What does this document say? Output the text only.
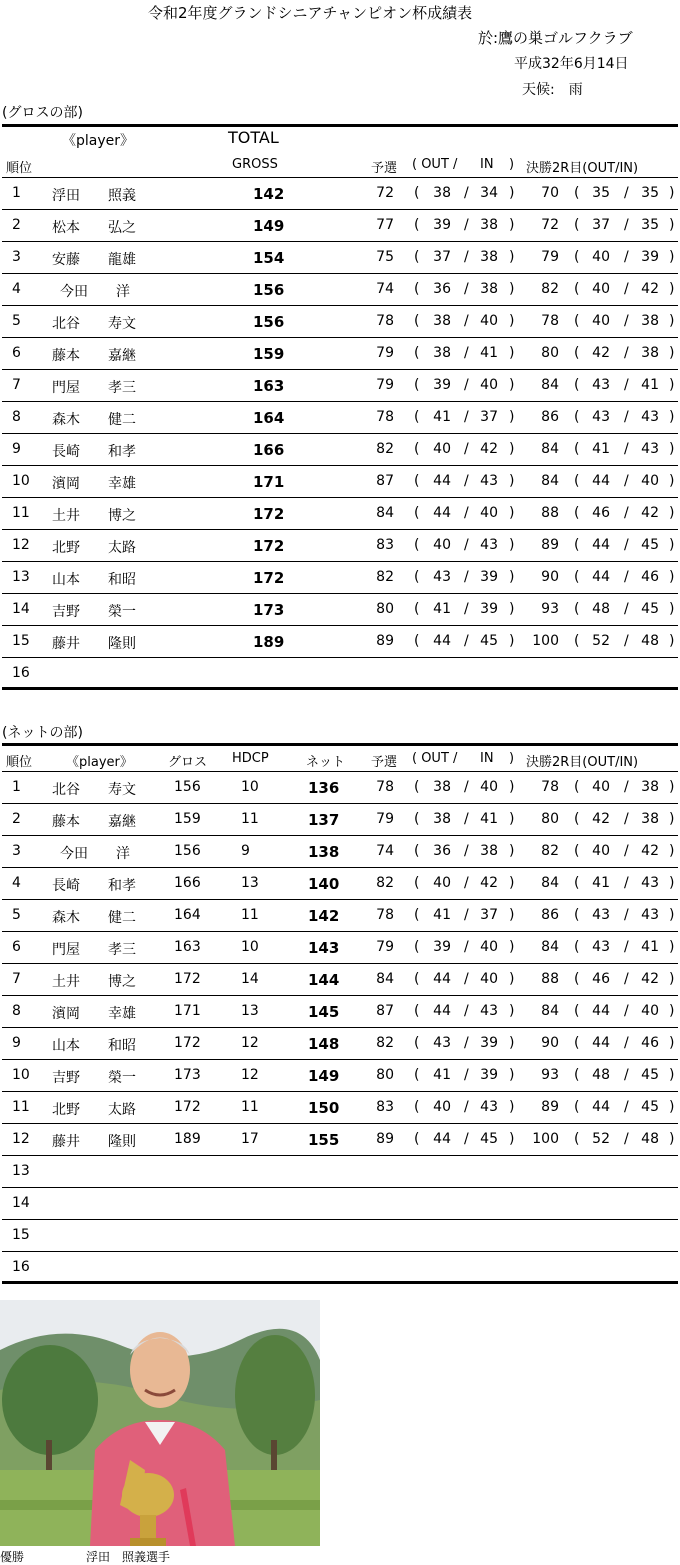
令和2年度グランドシニアチャンピオン杯成績表
於:鷹の巣ゴルフクラブ
平成32年6月14日
天候:　雨
(グロスの部)
《player》	TOTAL
順位	GROSS	予選 ( OUT / IN ) 決勝2R目(OUT/IN)
1 浮田 照義	142	72 ( 38 / 34 )	70 ( 35 / 35 )
2 松本 弘之	149	77 ( 39 / 38 )	72 ( 37 / 35 )
3 安藤 龍雄	154	75 ( 37 / 38 )	79 ( 40 / 39 )
4	今田 洋	156	74 ( 36 / 38 )	82 ( 40 / 42 )
5 北谷 寿文	156	78 ( 38 / 40 )	78 ( 40 / 38 )
6 藤本 嘉継	159	79 ( 38 / 41 )	80 ( 42 / 38 )
7 門屋 孝三	163	79 ( 39 / 40 )	84 ( 43 / 41 )
8 森木 健二	164	78 ( 41 / 37 )	86 ( 43 / 43 )
9 長崎 和孝	166	82 ( 40 / 42 )	84 ( 41 / 43 )
10 濱岡 幸雄	171	87 ( 44 / 43 )	84 ( 44 / 40 )
11 土井 博之	172	84 ( 44 / 40 )	88 ( 46 / 42 )
12 北野 太路	172	83 ( 40 / 43 )	89 ( 44 / 45 )
13 山本 和昭	172	82 ( 43 / 39 )	90 ( 44 / 46 )
14 吉野 榮一	173	80 ( 41 / 39 )	93 ( 48 / 45 )
15 藤井 隆則	189	89 ( 44 / 45 )	100 ( 52 / 48 )
16
(ネットの部)
順位	《player》	グロス HDCP	ネット 予選 ( OUT / IN ) 決勝2R目(OUT/IN)
1 北谷 寿文	156	10	136	78 ( 38 / 40 )	78 ( 40 / 38 )
2 藤本 嘉継	159	11	137	79 ( 38 / 41 )	80 ( 42 / 38 )
3	今田 洋	156	9	138	74 ( 36 / 38 )	82 ( 40 / 42 )
4 長崎 和孝	166	13	140	82 ( 40 / 42 )	84 ( 41 / 43 )
5 森木 健二	164	11	142	78 ( 41 / 37 )	86 ( 43 / 43 )
6 門屋 孝三	163	10	143	79 ( 39 / 40 )	84 ( 43 / 41 )
7 土井 博之	172	14	144	84 ( 44 / 40 )	88 ( 46 / 42 )
8 濱岡 幸雄	171	13	145	87 ( 44 / 43 )	84 ( 44 / 40 )
9 山本 和昭	172	12	148	82 ( 43 / 39 )	90 ( 44 / 46 )
10 吉野 榮一	173	12	149	80 ( 41 / 39 )	93 ( 48 / 45 )
11 北野 太路	172	11	150	83 ( 40 / 43 )	89 ( 44 / 45 )
12 藤井 隆則	189	17	155	89 ( 44 / 45 )	100 ( 52 / 48 )
13
14
15
16
優勝	浮田　照義選手
